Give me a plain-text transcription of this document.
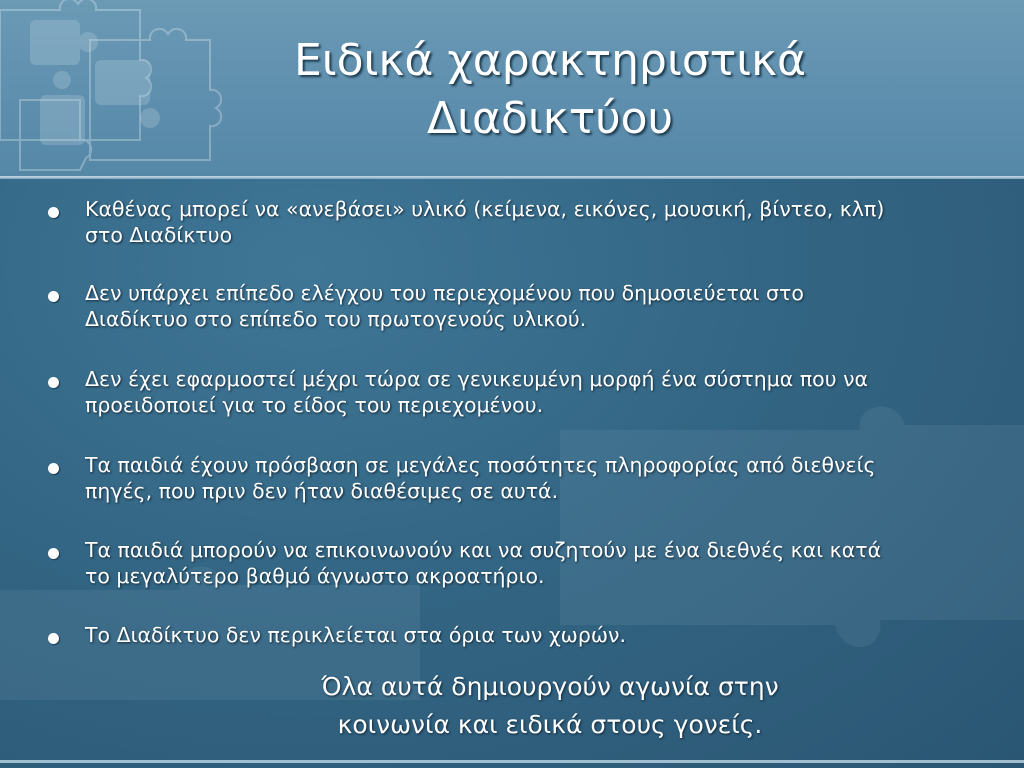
Ειδικά χαρακτηριστικά
Διαδικτύου
Καθένας μπορεί να «ανεβάσει» υλικό (κείμενα, εικόνες, μουσική, βίντεο, κλπ)
στο Διαδίκτυο
Δεν υπάρχει επίπεδο ελέγχου του περιεχομένου που δημοσιεύεται στο
Διαδίκτυο στο επίπεδο του πρωτογενούς υλικού.
Δεν έχει εφαρμοστεί μέχρι τώρα σε γενικευμένη μορφή ένα σύστημα που να
προειδοποιεί για το είδος του περιεχομένου.
Τα παιδιά έχουν πρόσβαση σε μεγάλες ποσότητες πληροφορίας από διεθνείς
πηγές, που πριν δεν ήταν διαθέσιμες σε αυτά.
Τα παιδιά μπορούν να επικοινωνούν και να συζητούν με ένα διεθνές και κατά
το μεγαλύτερο βαθμό άγνωστο ακροατήριο.
Το Διαδίκτυο δεν περικλείεται στα όρια των χωρών.
Όλα αυτά δημιουργούν αγωνία στην
κοινωνία και ειδικά στους γονείς.
